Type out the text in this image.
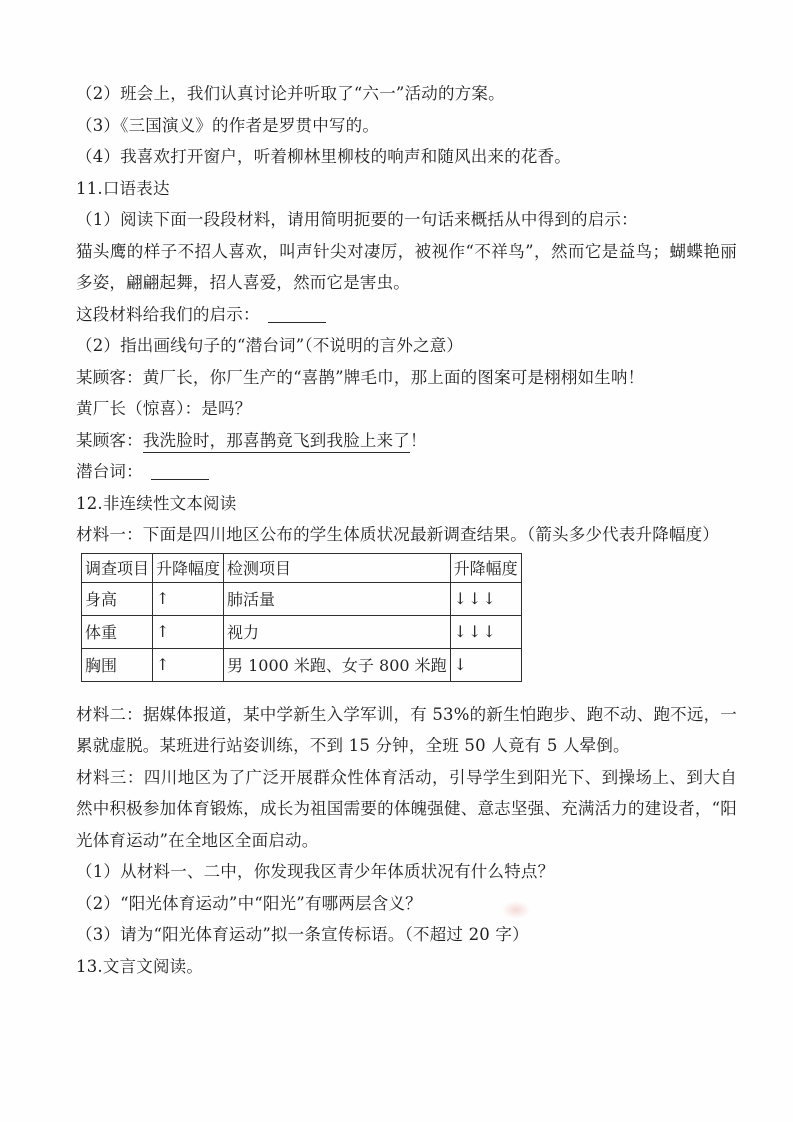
（2）班会上，我们认真讨论并听取了“六一”活动的方案。

（3）《三国演义》的作者是罗贯中写的。

（4）我喜欢打开窗户，听着柳林里柳枝的响声和随风出来的花香。

11.口语表达

（1）阅读下面一段段材料，请用简明扼要的一句话来概括从中得到的启示：

猫头鹰的样子不招人喜欢，叫声针尖对凄厉，被视作“不祥鸟”，然而它是益鸟；蝴蝶艳丽多姿，翩翩起舞，招人喜爱，然而它是害虫。

这段材料给我们的启示：

（2）指出画线句子的“潜台词”（不说明的言外之意）

某顾客：黄厂长，你厂生产的“喜鹊”牌毛巾，那上面的图案可是栩栩如生呐！

黄厂长（惊喜）：是吗？

某顾客：我洗脸时，那喜鹊竟飞到我脸上来了！

潜台词：

12.非连续性文本阅读

材料一：下面是四川地区公布的学生体质状况最新调查结果。（箭头多少代表升降幅度）

调查项目	升降幅度	检测项目	升降幅度
身高	↑	肺活量	↓↓↓
体重	↑	视力	↓↓↓
胸围	↑	男 1000 米跑、女子 800 米跑	↓

材料二：据媒体报道，某中学新生入学军训，有 53%的新生怕跑步、跑不动、跑不远，一累就虚脱。某班进行站姿训练，不到 15 分钟，全班 50 人竟有 5 人晕倒。

材料三：四川地区为了广泛开展群众性体育活动，引导学生到阳光下、到操场上、到大自然中积极参加体育锻炼，成长为祖国需要的体魄强健、意志坚强、充满活力的建设者，“阳光体育运动”在全地区全面启动。

（1）从材料一、二中，你发现我区青少年体质状况有什么特点？

（2）“阳光体育运动”中“阳光”有哪两层含义？

（3）请为“阳光体育运动”拟一条宣传标语。（不超过 20 字）

13.文言文阅读。
